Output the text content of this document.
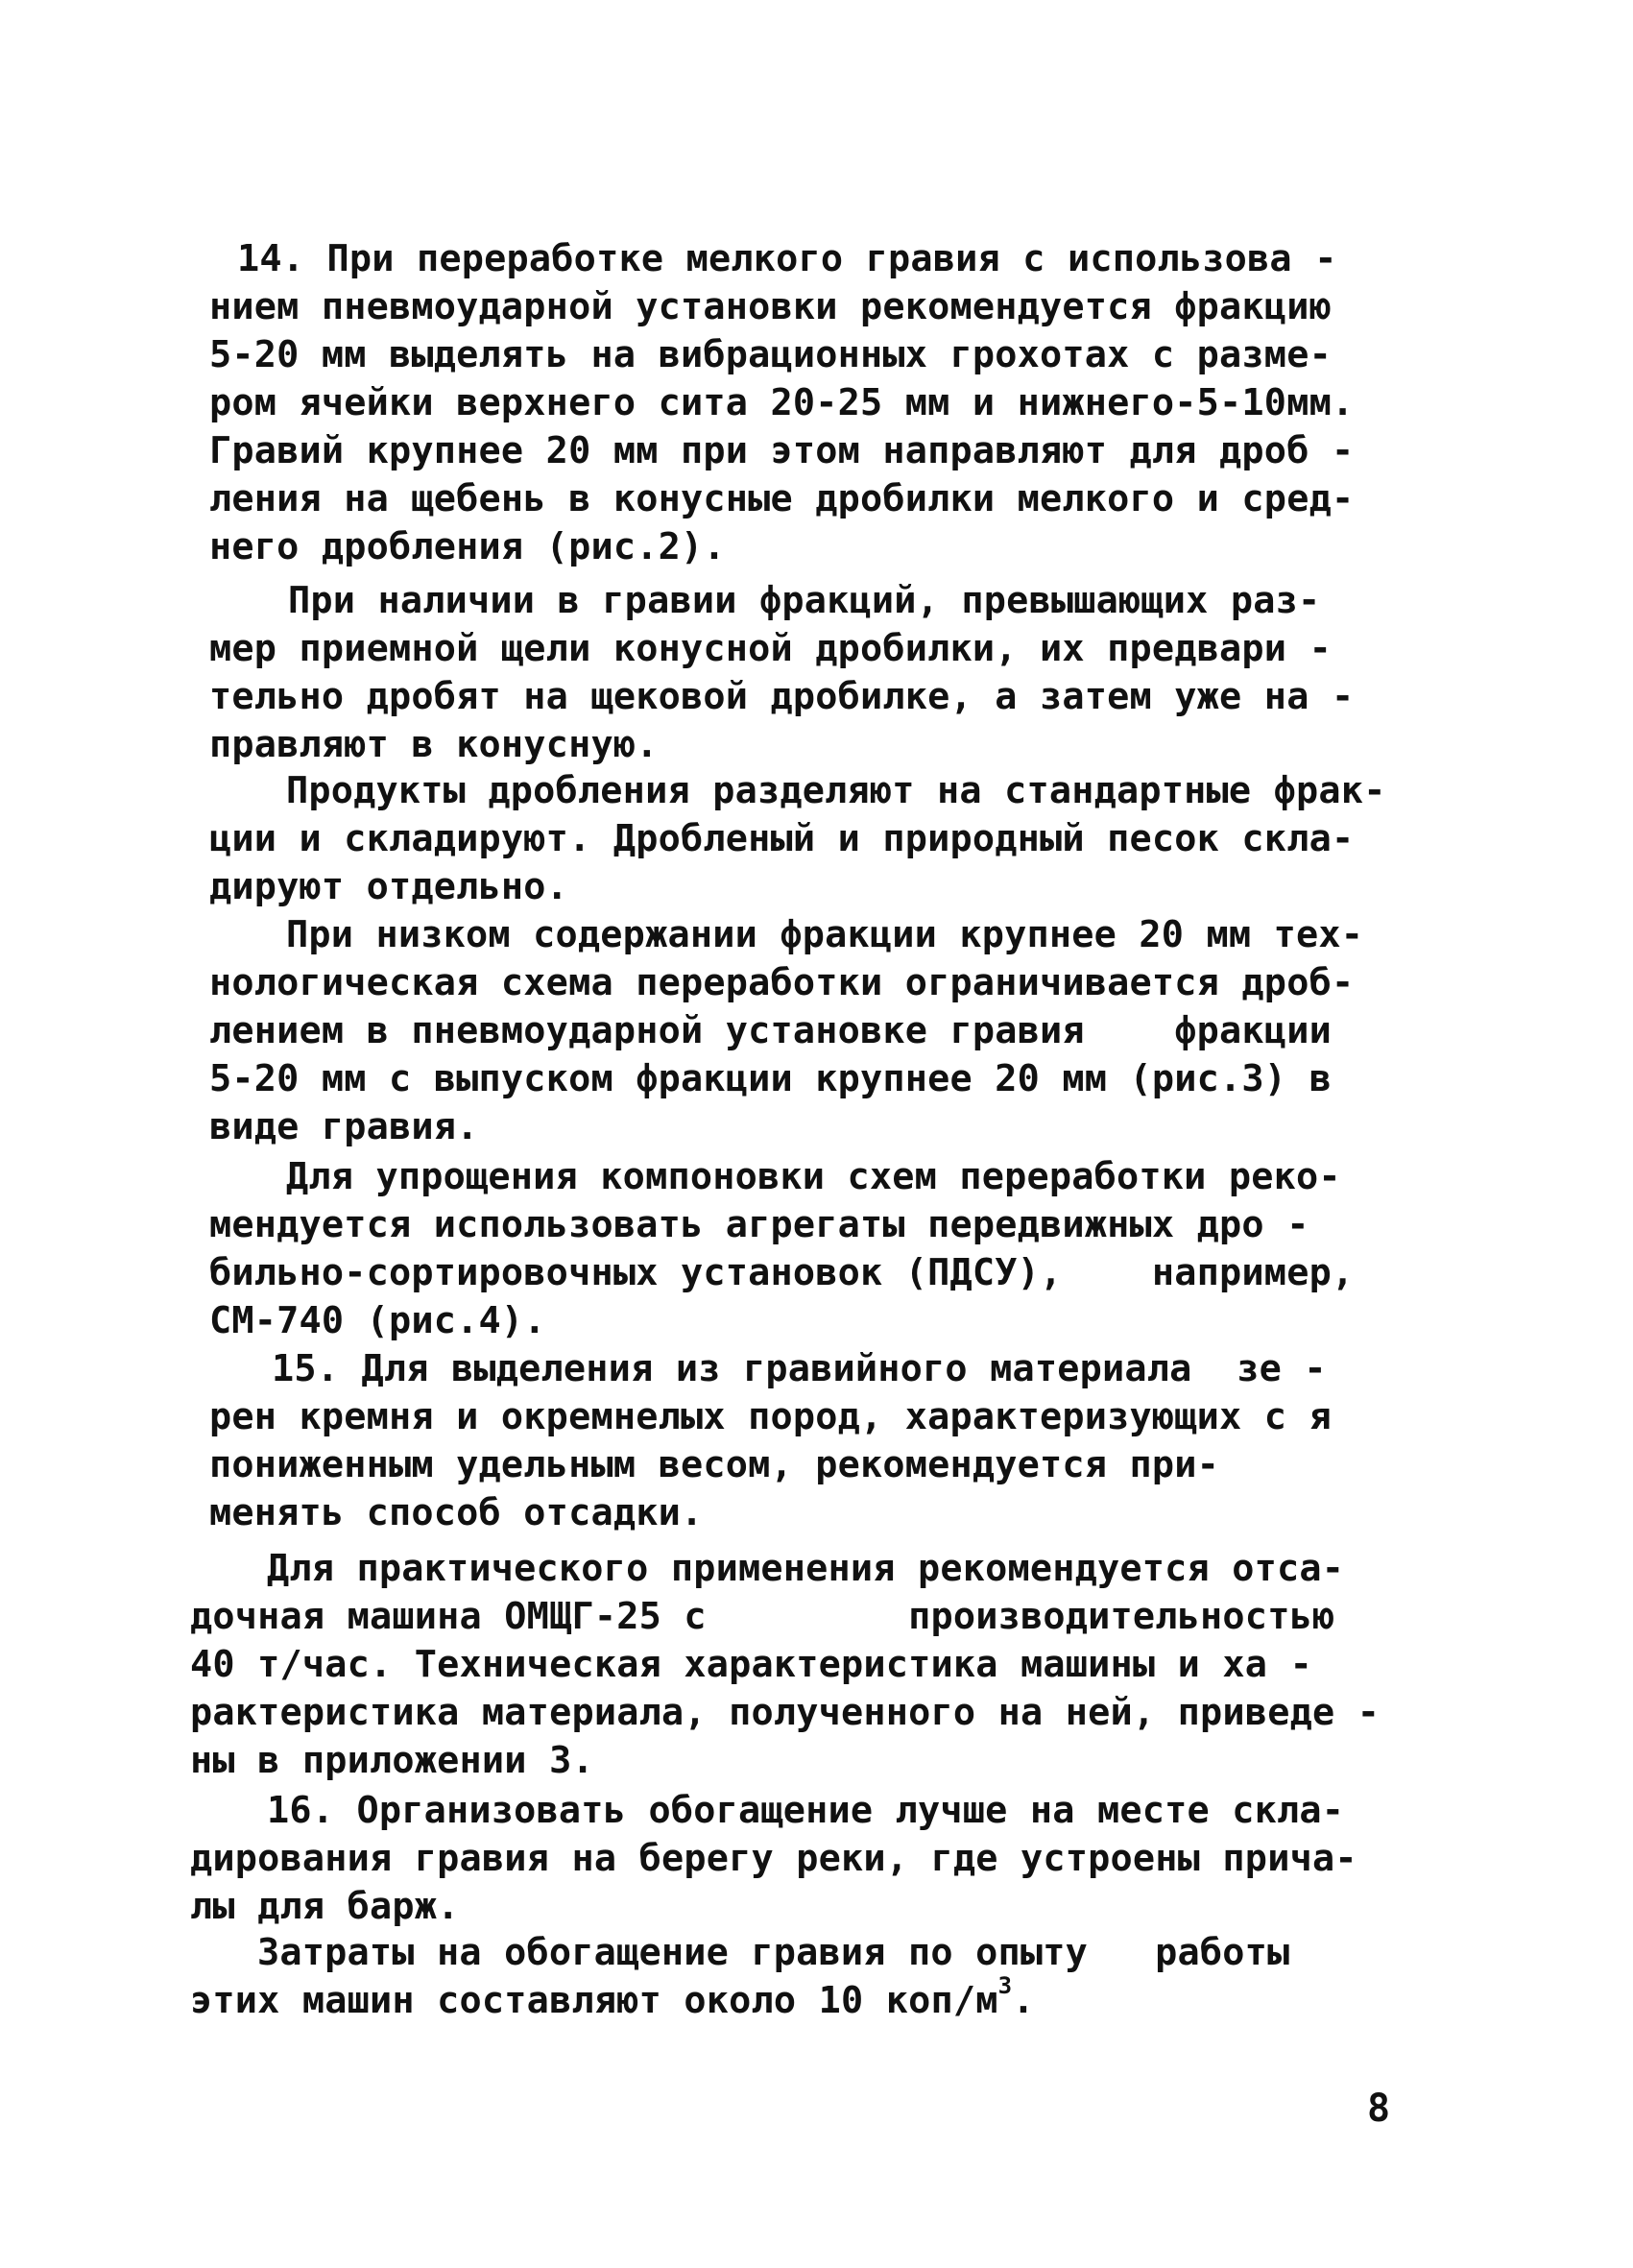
14. При переработке мелкого гравия с использова -
нием пневмоударной установки рекомендуется фракцию
5-20 мм выделять на вибрационных грохотах с разме-
ром ячейки верхнего сита 20-25 мм и нижнего-5-10мм.
Гравий крупнее 20 мм при этом направляют для дроб -
ления на щебень в конусные дробилки мелкого и сред-
него дробления (рис.2).
При наличии в гравии фракций, превышающих раз-
мер приемной щели конусной дробилки, их предвари -
тельно дробят на щековой дробилке, а затем уже на -
правляют в конусную.
Продукты дробления разделяют на стандартные фрак-
ции и складируют. Дробленый и природный песок скла-
дируют отдельно.
При низком содержании фракции крупнее 20 мм тех-
нологическая схема переработки ограничивается дроб-
лением в пневмоударной установке гравия    фракции
5-20 мм с выпуском фракции крупнее 20 мм (рис.3) в
виде гравия.
Для упрощения компоновки схем переработки реко-
мендуется использовать агрегаты передвижных дро -
бильно-сортировочных установок (ПДСУ),    например,
СМ-740 (рис.4).
15. Для выделения из гравийного материала  зе -
рен кремня и окремнелых пород, характеризующих с я
пониженным удельным весом, рекомендуется при-
менять способ отсадки.
Для практического применения рекомендуется отса-
дочная машина ОМЩГ-25 с         производительностью
40 т/час. Техническая характеристика машины и ха -
рактеристика материала, полученного на ней, приведе -
ны в приложении 3.
16. Организовать обогащение лучше на месте скла-
дирования гравия на берегу реки, где устроены причa-
лы для барж.
Затраты на обогащение гравия по опыту   работы
этих машин составляют около 10 коп/$м^3$.
8
